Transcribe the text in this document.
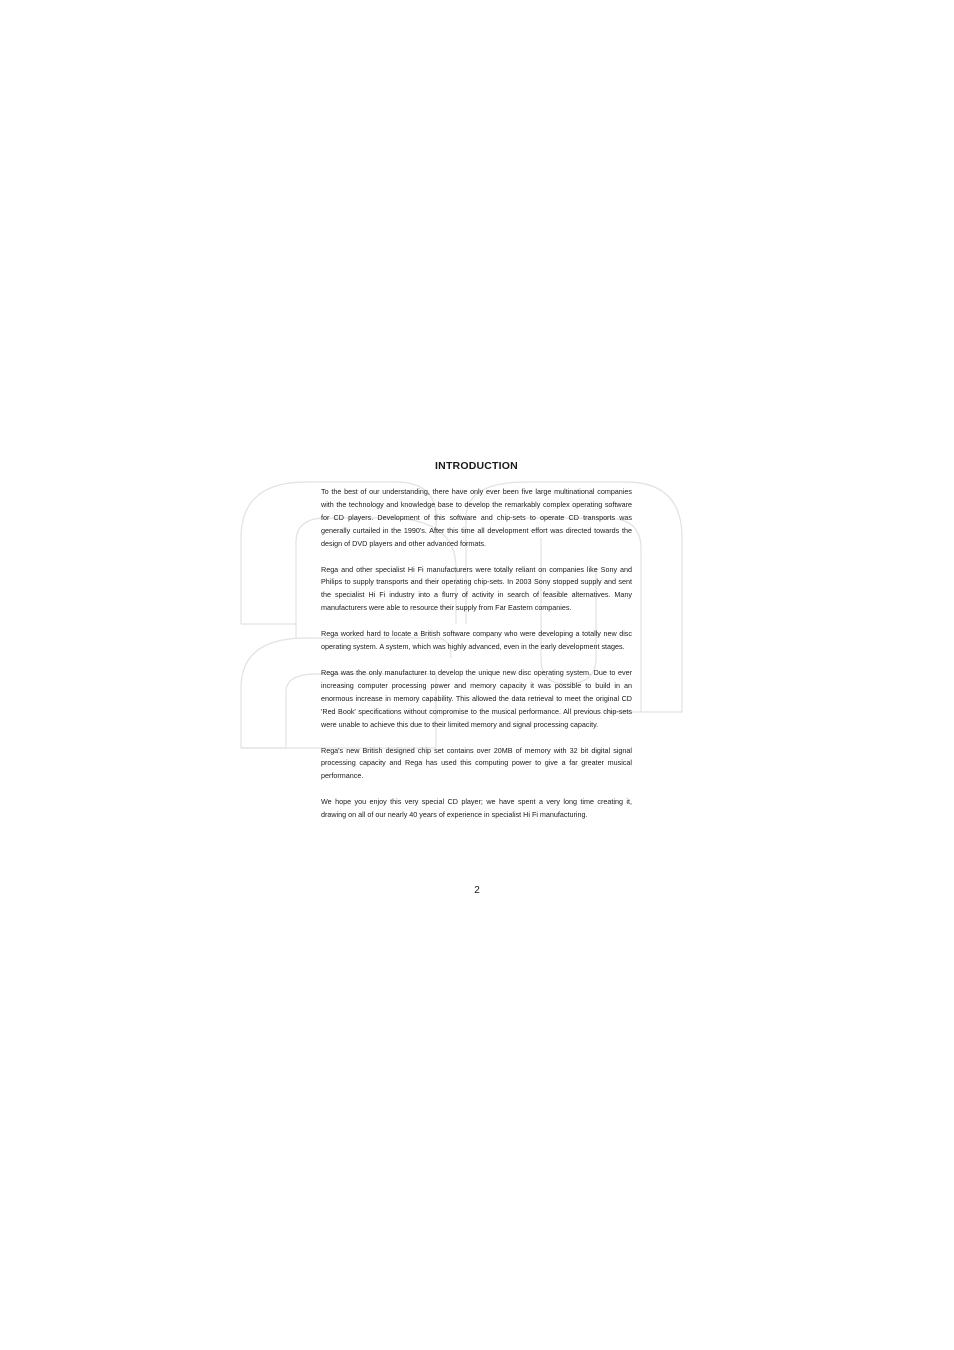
INTRODUCTION

To the best of our understanding, there have only ever been five large multinational companies with the technology and knowledge base to develop the remarkably complex operating software for CD players. Development of this software and chip-sets to operate CD transports was generally curtailed in the 1990's. After this time all development effort was directed towards the design of DVD players and other advanced formats.

Rega and other specialist Hi Fi manufacturers were totally reliant on companies like Sony and Philips to supply transports and their operating chip-sets. In 2003 Sony stopped supply and sent the specialist Hi Fi industry into a flurry of activity in search of feasible alternatives. Many manufacturers were able to resource their supply from Far Eastern companies.

Rega worked hard to locate a British software company who were developing a totally new disc operating system. A system, which was highly advanced, even in the early development stages.

Rega was the only manufacturer to develop the unique new disc operating system. Due to ever increasing computer processing power and memory capacity it was possible to build in an enormous increase in memory capability. This allowed the data retrieval to meet the original CD 'Red Book' specifications without compromise to the musical performance. All previous chip-sets were unable to achieve this due to their limited memory and signal processing capacity.

Rega's new British designed chip set contains over 20MB of memory with 32 bit digital signal processing capacity and Rega has used this computing power to give a far greater musical performance.

We hope you enjoy this very special CD player; we have spent a very long time creating it, drawing on all of our nearly 40 years of experience in specialist Hi Fi manufacturing.

2
